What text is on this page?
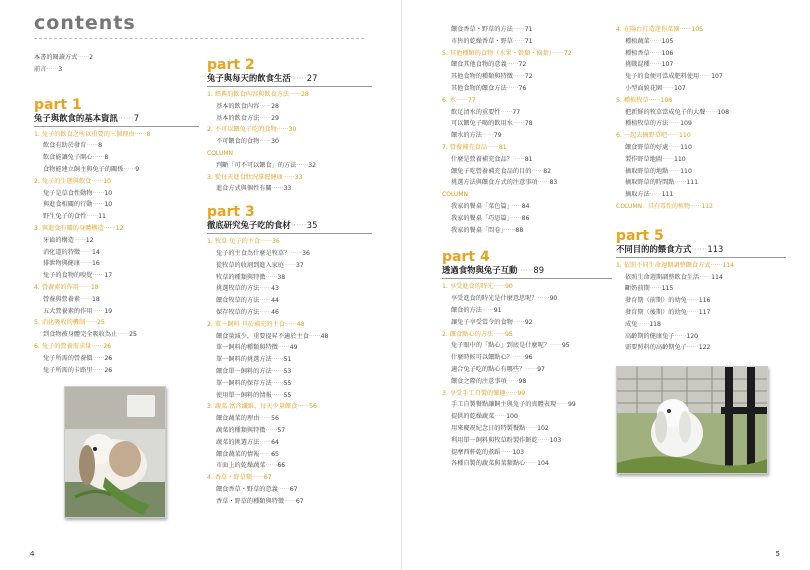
contents
本書的閱讀方式······2
前言······3
part 1
兔子與飲食的基本資訊······7
1. 兔子的飲食之所以重要的三個理由······8
飲食有助於發育······8
飲食能讓兔子開心······8
食物能建立飼主與兔子的關係······9
2. 兔子的生態與飲食······10
兔子是草食性動物······10
與進食相關的行動······10
野生兔子的食性······11
3. 與進食有關的身體構造······12
牙齒的構造······12
消化道的特徵······14
排泄物與健康······16
兔子的食物的嗅覺······17
4. 營養素的作用······18
營養與營養素······18
五大營養素的作用······19
5. 消化吸收的機制······25
到食物被身體完全吸收為止······25
6. 兔子的營養需求量······26
兔子所需的營養價······26
兔子所需的卡路里······26
part 2
兔子與每天的飲食生活······27
1. 經典的飲食內容與飲食方法······28
基本的飲食內容······28
基本的飲食方法······29
2. 不可以餵兔子吃的食物······30
不可餵食的食物······30
COLUMN
判斷「可不可以餵食」的方法······32
3. 從每天進食狀況掌握健康······33
進食方式與個性有關······33
part 3
徹底研究兔子吃的食材······35
1. 牧草 兔子的主食······36
兔子的主食為什麼是牧草？······36
從牧草的收割到進入家庭······37
牧草的種類與特徵······38
挑選牧草的方法······43
餵食牧草的方法······44
保存牧草的方法······46
2. 單一飼料 具於補充的主食······48
餵食量減少，重要提昇不適於主食······48
單一飼料的種類與特徵······49
單一飼料的挑選方法······51
餵食單一飼料的方法······53
單一飼料的保存方法······55
使用單一飼料的情報······55
3. 蔬菜 富含纖維，每天少量餵食······56
餵食蔬菜的理由······56
蔬菜的種類與特徵······57
蔬菜的挑選方法······64
餵食蔬菜的情報······65
市面上的乾燥蔬菜······66
4. 香草・野草類······67
餵食香草・野草的意義······67
香草・野草的種類與特徵······67
4
餵食香草・野草的方法······71
市售的乾燥香草・野草······71
5. 其他種類的食物（水果・穀類・樹葉）······72
餵食其他食物的意義······72
其他食物的種類與特徵······72
其他食物的餵食方法······76
6. 水······77
飲足清水的重要性······77
可以餵兔子喝的飲用水······78
餵水的方法······79
7. 營養補充食品······81
什麼是營養補充食品？······81
餵兔子吃營養補充食品的目的······82
挑選方法與餵食方式的注意事項······83
COLUMN
我家的餐桌「菜色篇」······84
我家的餐桌「巧思篇」······86
我家的餐桌「問卷」······88
part 4
透過食物與兔子互動······89
1. 享受進食的時光······90
享受進食的時光是什麼意思呢？······90
餵食的方法······91
讓兔子享受當令的食物······92
2. 餵食點心的方法······95
兔子眼中的「點心」到底是什麼呢？······95
什麼時候可以餵點心？······96
適合兔子吃的點心有哪些？······97
餵食之際的注意事項······98
3. 享受手工自製的樂趣······99
手工自製餐點讓飼主與兔子的真體表現······99
提供的乾燥蔬菜······100
用來慶祝紀念日的特製餐點······102
利用單一飼料與牧草粉製作餅乾······103
提摩西軒乾的煮蹈······103
各種自製的蔬菜與菜類點心······104
4. 在陽台打造迷你菜園······105
種植蔬菜······105
種植香草······106
挑戰混種······107
兔子的食便可當成肥料使用······107
小型面貌花園······107
5. 種植牧草······108
把新鮮的牧草當成兔子的大餐······108
種植牧草的方法······109
6. 一起去摘野草吧······110
餵食野草的好處······110
製作野草地圖······110
摘取野草的地點······110
摘取野草的時間點······111
摘取方法······111
COLUMN　具有毒性的植物······112
part 5
不同目的的餵食方式······113
1. 依照不同生命週期調整餵食方式······114
依照生命週期調整飲食生活······114
斷奶前期······115
發育期（前期）的幼兔······116
發育期（後期）的幼兔······117
成兔······118
高齡期的健康兔子······120
需要照料的高齡期兔子······122
5
